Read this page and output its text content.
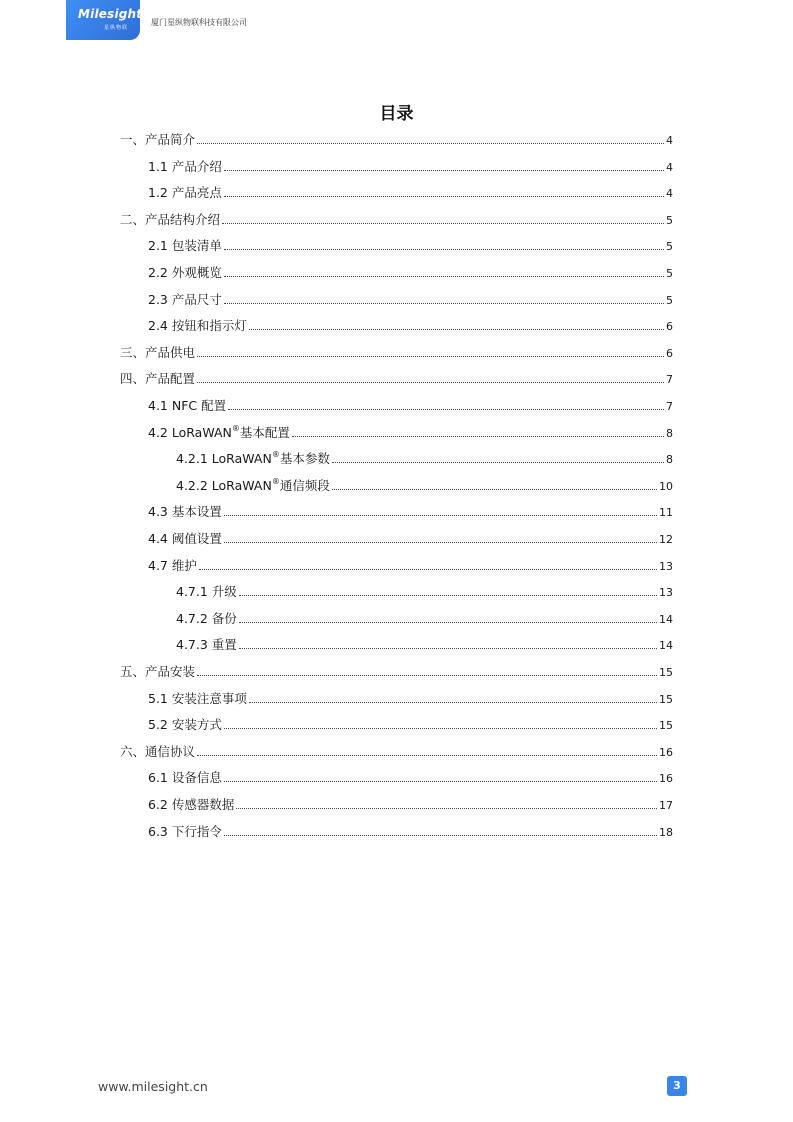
Milesight
星纵物联
厦门星纵物联科技有限公司
目录
一、产品简介	4
1.1 产品介绍	4
1.2 产品亮点	4
二、产品结构介绍	5
2.1 包装清单	5
2.2 外观概览	5
2.3 产品尺寸	5
2.4 按钮和指示灯	6
三、产品供电	6
四、产品配置	7
4.1 NFC 配置	7
4.2 LoRaWAN®基本配置	8
4.2.1 LoRaWAN®基本参数	8
4.2.2 LoRaWAN®通信频段	10
4.3 基本设置	11
4.4 阈值设置	12
4.7 维护	13
4.7.1 升级	13
4.7.2 备份	14
4.7.3 重置	14
五、产品安装	15
5.1 安装注意事项	15
5.2 安装方式	15
六、通信协议	16
6.1 设备信息	16
6.2 传感器数据	17
6.3 下行指令	18
www.milesight.cn	3
